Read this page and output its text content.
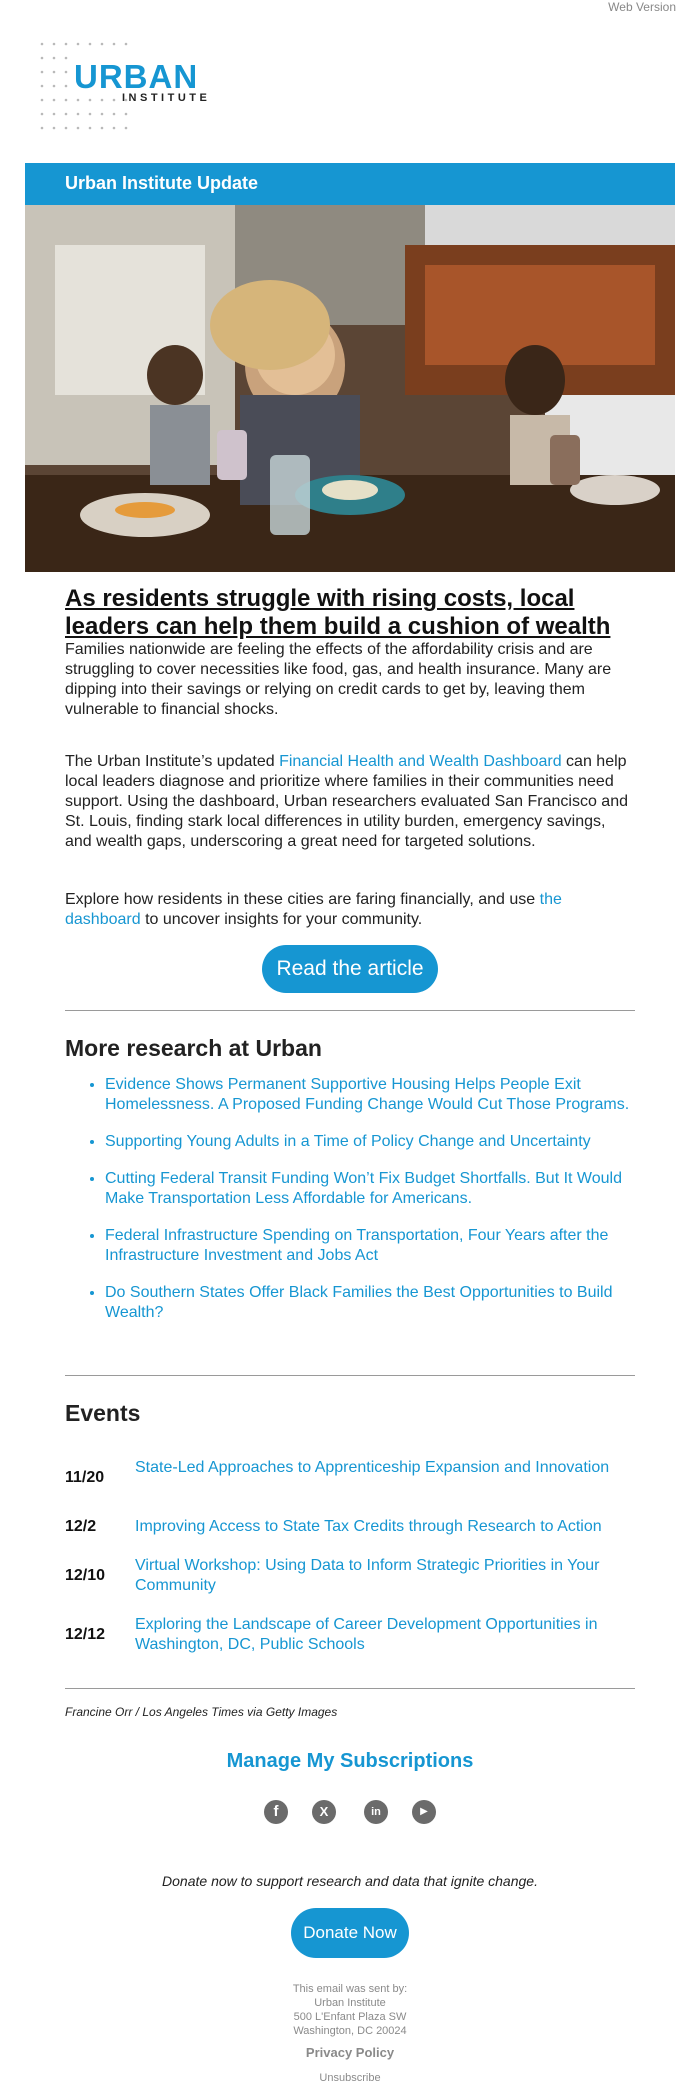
Web Version
URBAN
INSTITUTE
Urban Institute Update
As residents struggle with rising costs, local leaders can help them build a cushion of wealth

Families nationwide are feeling the effects of the affordability crisis and are struggling to cover necessities like food, gas, and health insurance. Many are dipping into their savings or relying on credit cards to get by, leaving them vulnerable to financial shocks.

The Urban Institute’s updated Financial Health and Wealth Dashboard can help local leaders diagnose and prioritize where families in their communities need support. Using the dashboard, Urban researchers evaluated San Francisco and St. Louis, finding stark local differences in utility burden, emergency savings, and wealth gaps, underscoring a great need for targeted solutions.

Explore how residents in these cities are faring financially, and use the dashboard to uncover insights for your community.

Read the article
More research at Urban
• Evidence Shows Permanent Supportive Housing Helps People Exit Homelessness. A Proposed Funding Change Would Cut Those Programs.
• Supporting Young Adults in a Time of Policy Change and Uncertainty
• Cutting Federal Transit Funding Won’t Fix Budget Shortfalls. But It Would Make Transportation Less Affordable for Americans.
• Federal Infrastructure Spending on Transportation, Four Years after the Infrastructure Investment and Jobs Act
• Do Southern States Offer Black Families the Best Opportunities to Build Wealth?
Events
11/20
State-Led Approaches to Apprenticeship Expansion and Innovation
12/2 Improving Access to State Tax Credits through Research to Action
12/10
Virtual Workshop: Using Data to Inform Strategic Priorities in Your Community
12/12
Exploring the Landscape of Career Development Opportunities in Washington, DC, Public Schools
Francine Orr / Los Angeles Times via Getty Images
Manage My Subscriptions
f	X	in	▶
Donate now to support research and data that ignite change.
Donate Now
This email was sent by:
Urban Institute
500 L'Enfant Plaza SW
Washington, DC 20024
Privacy Policy
Unsubscribe
